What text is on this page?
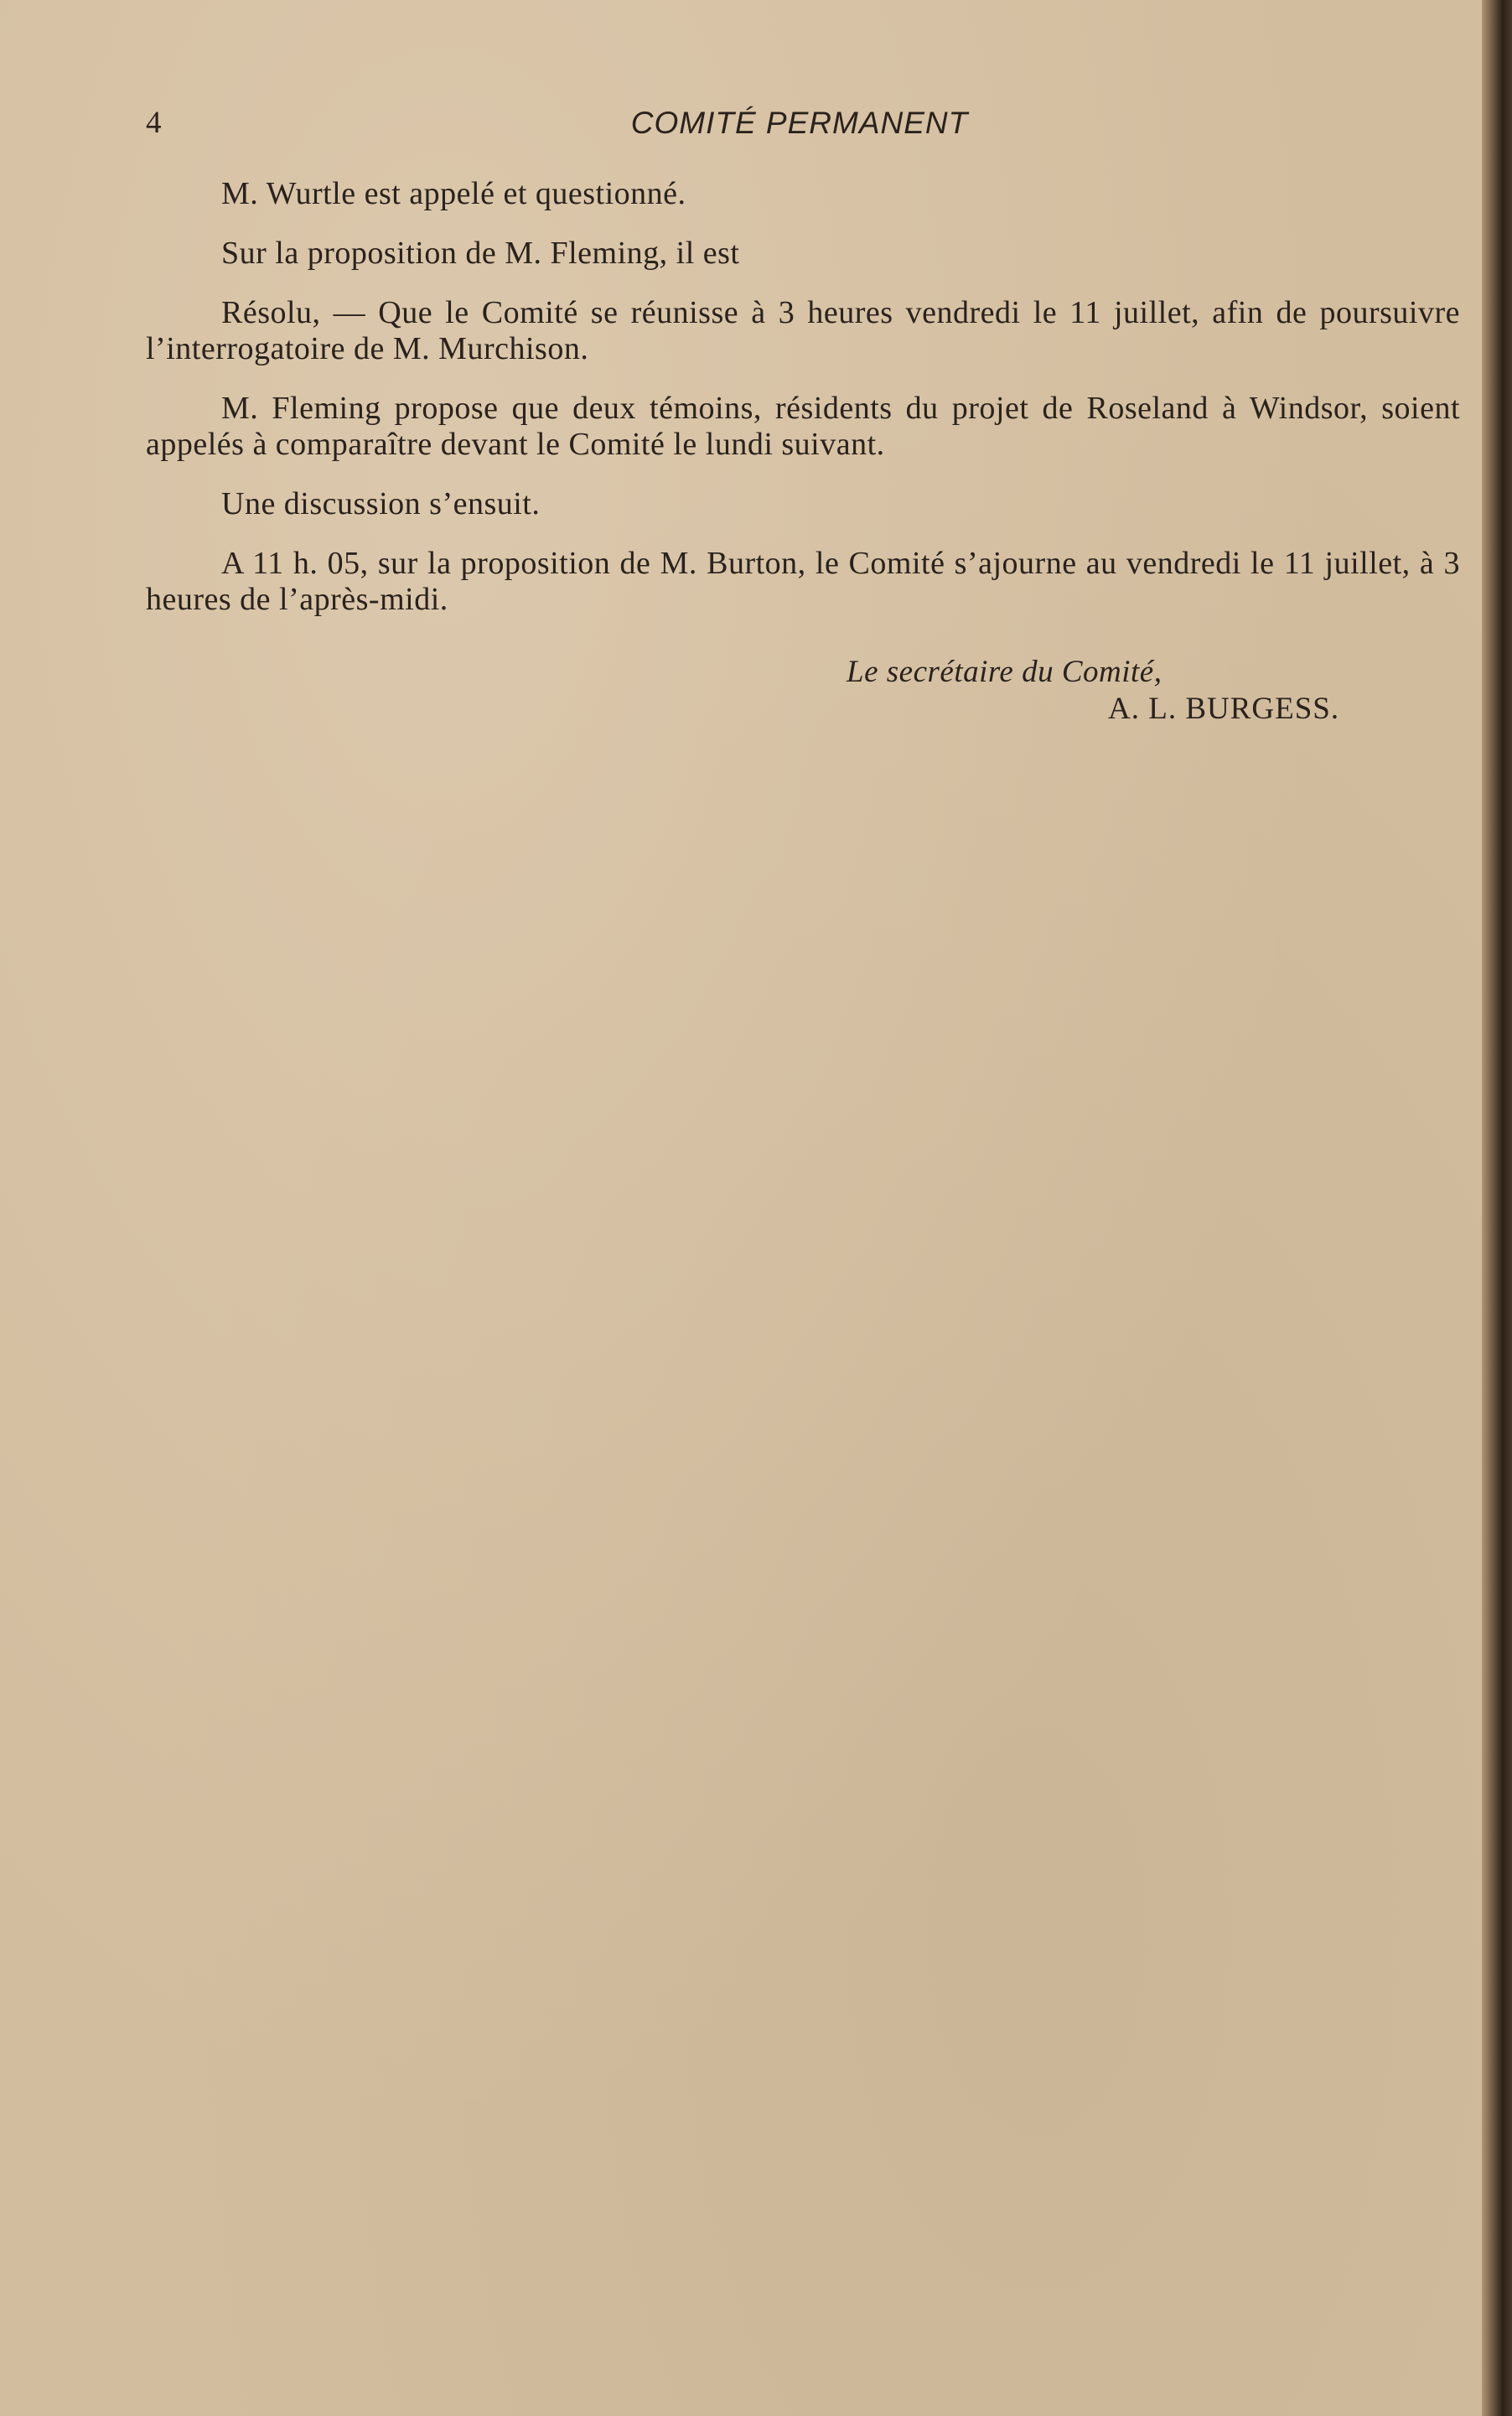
4	COMITÉ PERMANENT

M. Wurtle est appelé et questionné.

Sur la proposition de M. Fleming, il est

Résolu, — Que le Comité se réunisse à 3 heures vendredi le 11 juillet, afin de poursuivre l’interrogatoire de M. Murchison.

M. Fleming propose que deux témoins, résidents du projet de Roseland à Windsor, soient appelés à comparaître devant le Comité le lundi suivant.

Une discussion s’ensuit.

A 11 h. 05, sur la proposition de M. Burton, le Comité s’ajourne au vendredi le 11 juillet, à 3 heures de l’après-midi.

Le secrétaire du Comité,
A. L. BURGESS.
